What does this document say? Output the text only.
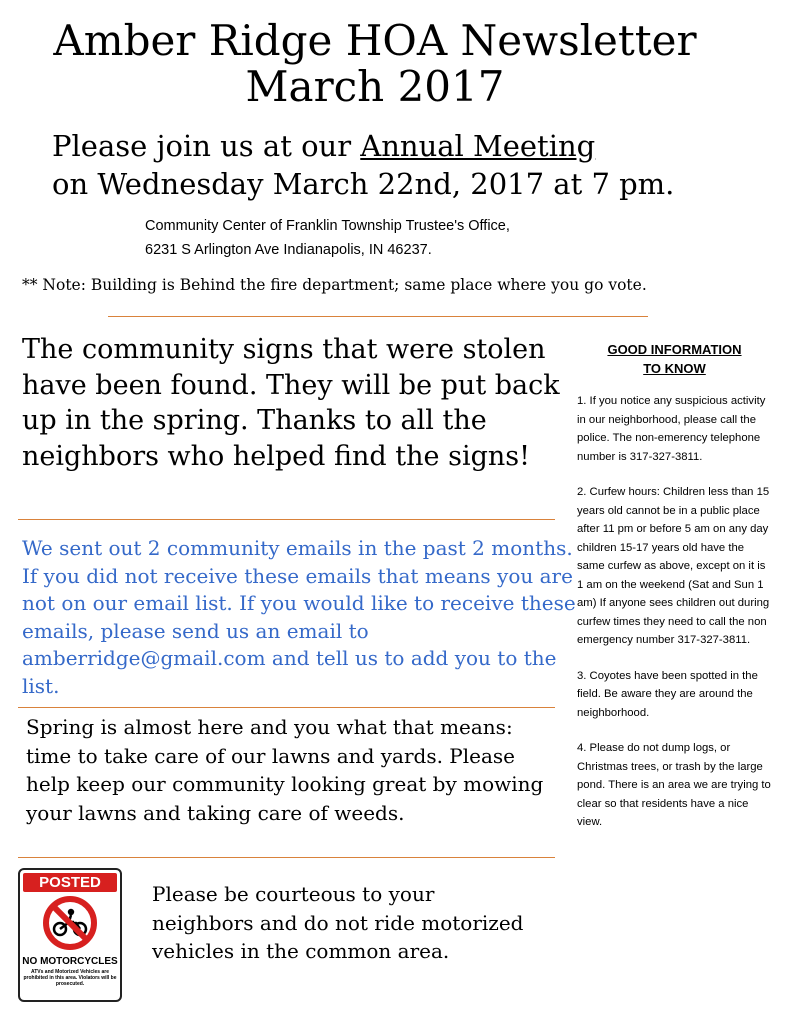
Amber Ridge HOA Newsletter
March 2017
Please join us at our Annual Meeting
on Wednesday March 22nd, 2017 at 7 pm.
Community Center of Franklin Township Trustee's Office,
6231 S Arlington Ave Indianapolis, IN 46237.
** Note: Building is Behind the fire department; same place where you go vote.

The community signs that were stolen have been found. They will be put back up in the spring. Thanks to all the neighbors who helped find the signs!

We sent out 2 community emails in the past 2 months. If you did not receive these emails that means you are not on our email list. If you would like to receive these emails, please send us an email to amberridge@gmail.com and tell us to add you to the list.

Spring is almost here and you what that means: time to take care of our lawns and yards. Please help keep our community looking great by mowing your lawns and taking care of weeds.

POSTED
NO MOTORCYCLES
ATVs and Motorized Vehicles are prohibited in this area. Violators will be prosecuted.

Please be courteous to your neighbors and do not ride motorized vehicles in the common area.

GOOD INFORMATION
TO KNOW

1. If you notice any suspicious activity in our neighborhood, please call the police. The non-emerency telephone number is 317-327-3811.

2. Curfew hours: Children less than 15 years old cannot be in a public place after 11 pm or before 5 am on any day children 15-17 years old have the same curfew as above, except on it is 1 am on the weekend (Sat and Sun 1 am) If anyone sees children out during curfew times they need to call the non emergency number 317-327-3811.

3. Coyotes have been spotted in the field. Be aware they are around the neighborhood.

4. Please do not dump logs, or Christmas trees, or trash by the large pond. There is an area we are trying to clear so that residents have a nice view.
